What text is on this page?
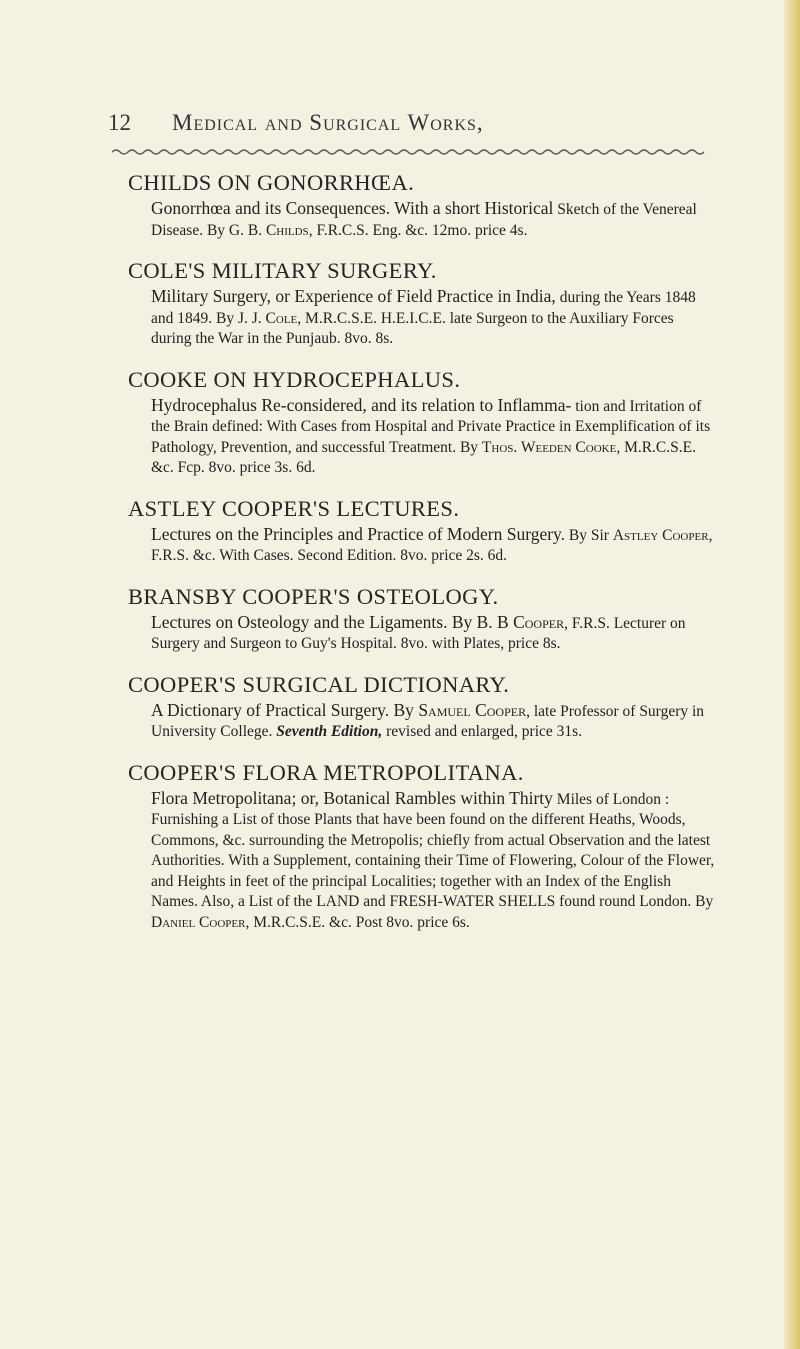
12	Medical and Surgical Works,
CHILDS ON GONORRHŒA.
Gonorrhœa and its Consequences. With a short Historical Sketch of the Venereal Disease. By G. B. Childs, F.R.C.S. Eng. &c. 12mo. price 4s.
COLE'S MILITARY SURGERY.
Military Surgery, or Experience of Field Practice in India, during the Years 1848 and 1849. By J. J. Cole, M.R.C.S.E. H.E.I.C.E. late Surgeon to the Auxiliary Forces during the War in the Punjaub. 8vo. 8s.
COOKE ON HYDROCEPHALUS.
Hydrocephalus Re-considered, and its relation to Inflamma- tion and Irritation of the Brain defined: With Cases from Hospital and Private Practice in Exemplification of its Pathology, Prevention, and successful Treatment. By Thos. Weeden Cooke, M.R.C.S.E. &c. Fcp. 8vo. price 3s. 6d.
ASTLEY COOPER'S LECTURES.
Lectures on the Principles and Practice of Modern Surgery. By Sir Astley Cooper, F.R.S. &c. With Cases. Second Edition. 8vo. price 2s. 6d.
BRANSBY COOPER'S OSTEOLOGY.
Lectures on Osteology and the Ligaments. By B. B Cooper, F.R.S. Lecturer on Surgery and Surgeon to Guy's Hospital. 8vo. with Plates, price 8s.
COOPER'S SURGICAL DICTIONARY.
A Dictionary of Practical Surgery. By Samuel Cooper, late Professor of Surgery in University College. Seventh Edition, revised and enlarged, price 31s.
COOPER'S FLORA METROPOLITANA.
Flora Metropolitana; or, Botanical Rambles within Thirty Miles of London : Furnishing a List of those Plants that have been found on the different Heaths, Woods, Commons, &c. surrounding the Metropolis; chiefly from actual Observation and the latest Authorities. With a Supplement, containing their Time of Flowering, Colour of the Flower, and Heights in feet of the principal Localities; together with an Index of the English Names. Also, a List of the LAND and FRESH-WATER SHELLS found round London. By Daniel Cooper, M.R.C.S.E. &c. Post 8vo. price 6s.
